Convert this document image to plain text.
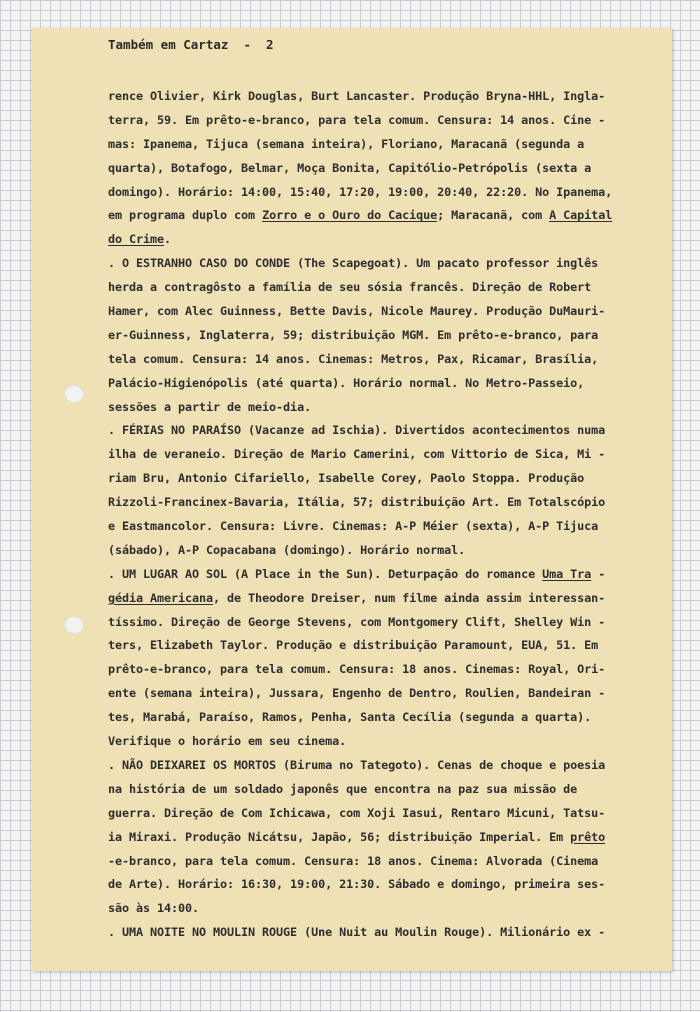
Também em Cartaz  -  2
rence Olivier, Kirk Douglas, Burt Lancaster. Produção Bryna-HHL, Ingla-
terra, 59. Em prêto-e-branco, para tela comum. Censura: 14 anos. Cine -
mas: Ipanema, Tijuca (semana inteira), Floriano, Maracanã (segunda a
quarta), Botafogo, Belmar, Moça Bonita, Capitólio-Petrópolis (sexta a
domingo). Horário: 14:00, 15:40, 17:20, 19:00, 20:40, 22:20. No Ipanema,
em programa duplo com Zorro e o Ouro do Cacique; Maracanã, com A Capital
do Crime.
. O ESTRANHO CASO DO CONDE (The Scapegoat). Um pacato professor inglês
herda a contragôsto a família de seu sósia francês. Direção de Robert
Hamer, com Alec Guinness, Bette Davis, Nicole Maurey. Produção DuMauri-
er-Guinness, Inglaterra, 59; distribuição MGM. Em prêto-e-branco, para
tela comum. Censura: 14 anos. Cinemas: Metros, Pax, Ricamar, Brasília,
Palácio-Higienópolis (até quarta). Horário normal. No Metro-Passeio,
sessões a partir de meio-dia.
. FÉRIAS NO PARAÍSO (Vacanze ad Ischia). Divertidos acontecimentos numa
ilha de veraneio. Direção de Mario Camerini, com Vittorio de Sica, Mi -
riam Bru, Antonio Cifariello, Isabelle Corey, Paolo Stoppa. Produção
Rizzoli-Francinex-Bavaria, Itália, 57; distribuição Art. Em Totalscópio
e Eastmancolor. Censura: Livre. Cinemas: A-P Méier (sexta), A-P Tijuca
(sábado), A-P Copacabana (domingo). Horário normal.
. UM LUGAR AO SOL (A Place in the Sun). Deturpação do romance Uma Tra -
gédia Americana, de Theodore Dreiser, num filme ainda assim interessan-
tíssimo. Direção de George Stevens, com Montgomery Clift, Shelley Win -
ters, Elizabeth Taylor. Produção e distribuição Paramount, EUA, 51. Em
prêto-e-branco, para tela comum. Censura: 18 anos. Cinemas: Royal, Ori-
ente (semana inteira), Jussara, Engenho de Dentro, Roulien, Bandeiran -
tes, Marabá, Paraíso, Ramos, Penha, Santa Cecília (segunda a quarta).
Verifique o horário em seu cinema.
. NÃO DEIXAREI OS MORTOS (Biruma no Tategoto). Cenas de choque e poesia
na história de um soldado japonês que encontra na paz sua missão de
guerra. Direção de Com Ichicawa, com Xoji Iasui, Rentaro Micuni, Tatsu-
ia Miraxi. Produção Nicátsu, Japão, 56; distribuição Imperial. Em prêto
-e-branco, para tela comum. Censura: 18 anos. Cinema: Alvorada (Cinema
de Arte). Horário: 16:30, 19:00, 21:30. Sábado e domingo, primeira ses-
são às 14:00.
. UMA NOITE NO MOULIN ROUGE (Une Nuit au Moulin Rouge). Milionário ex -
